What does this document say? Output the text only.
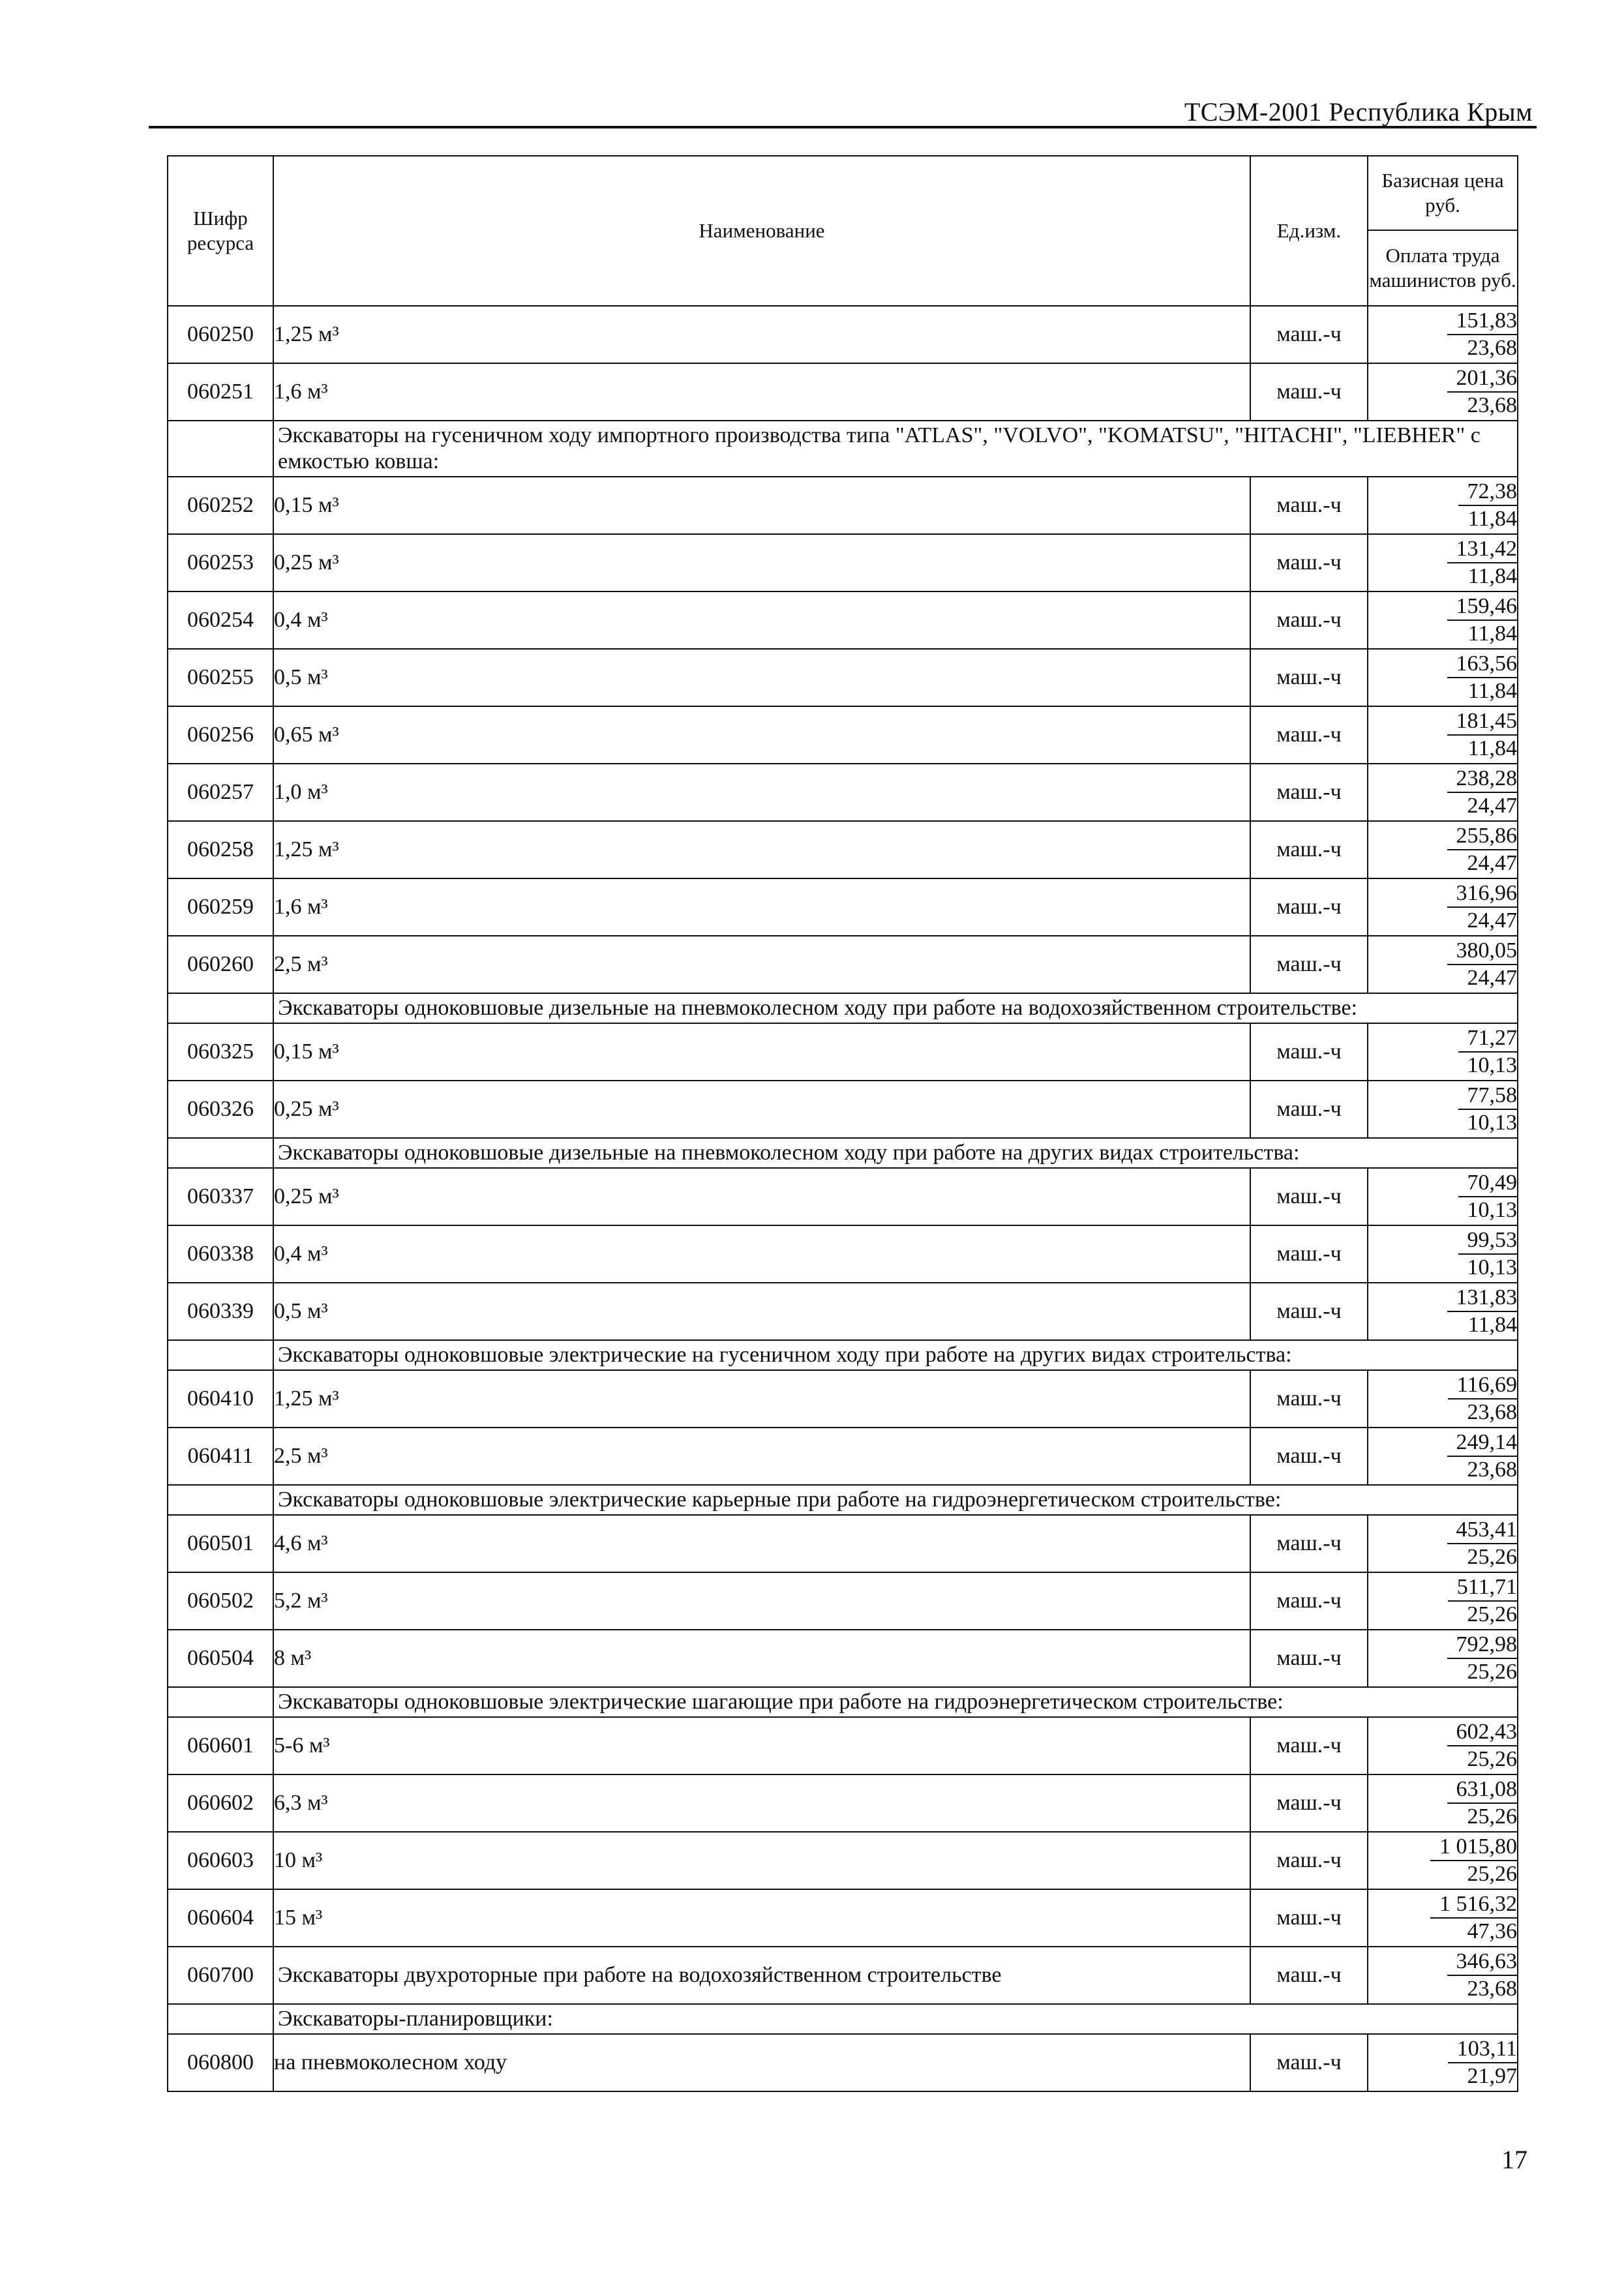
ТСЭМ-2001 Республика Крым
Шифр ресурса	Наименование	Ед.изм.	Базисная цена руб.
			Оплата труда машинистов руб.
060250	1,25 м³	маш.-ч	151,83
23,68

060251	1,6 м³	маш.-ч	201,36
23,68

	Экскаваторы на гусеничном ходу импортного производства типа "ATLAS", "VOLVO", "KOMATSU", "HITACHI", "LIEBHER" с емкостью ковша:		
060252	0,15 м³	маш.-ч	72,38
11,84

060253	0,25 м³	маш.-ч	131,42
11,84

060254	0,4 м³	маш.-ч	159,46
11,84

060255	0,5 м³	маш.-ч	163,56
11,84

060256	0,65 м³	маш.-ч	181,45
11,84

060257	1,0 м³	маш.-ч	238,28
24,47

060258	1,25 м³	маш.-ч	255,86
24,47

060259	1,6 м³	маш.-ч	316,96
24,47

060260	2,5 м³	маш.-ч	380,05
24,47

	Экскаваторы одноковшовые дизельные на пневмоколесном ходу при работе на водохозяйственном строительстве:		
060325	0,15 м³	маш.-ч	71,27
10,13

060326	0,25 м³	маш.-ч	77,58
10,13

	Экскаваторы одноковшовые дизельные на пневмоколесном ходу при работе на других видах строительства:		
060337	0,25 м³	маш.-ч	70,49
10,13

060338	0,4 м³	маш.-ч	99,53
10,13

060339	0,5 м³	маш.-ч	131,83
11,84

	Экскаваторы одноковшовые электрические на гусеничном ходу при работе на других видах строительства:		
060410	1,25 м³	маш.-ч	116,69
23,68

060411	2,5 м³	маш.-ч	249,14
23,68

	Экскаваторы одноковшовые электрические карьерные при работе на гидроэнергетическом строительстве:		
060501	4,6 м³	маш.-ч	453,41
25,26

060502	5,2 м³	маш.-ч	511,71
25,26

060504	8 м³	маш.-ч	792,98
25,26

	Экскаваторы одноковшовые электрические шагающие при работе на гидроэнергетическом строительстве:		
060601	5-6 м³	маш.-ч	602,43
25,26

060602	6,3 м³	маш.-ч	631,08
25,26

060603	10 м³	маш.-ч	1 015,80
25,26

060604	15 м³	маш.-ч	1 516,32
47,36

060700	Экскаваторы двухроторные при работе на водохозяйственном строительстве	маш.-ч	346,63
23,68

	Экскаваторы-планировщики:		
060800	на пневмоколесном ходу	маш.-ч	103,11
21,97
17
